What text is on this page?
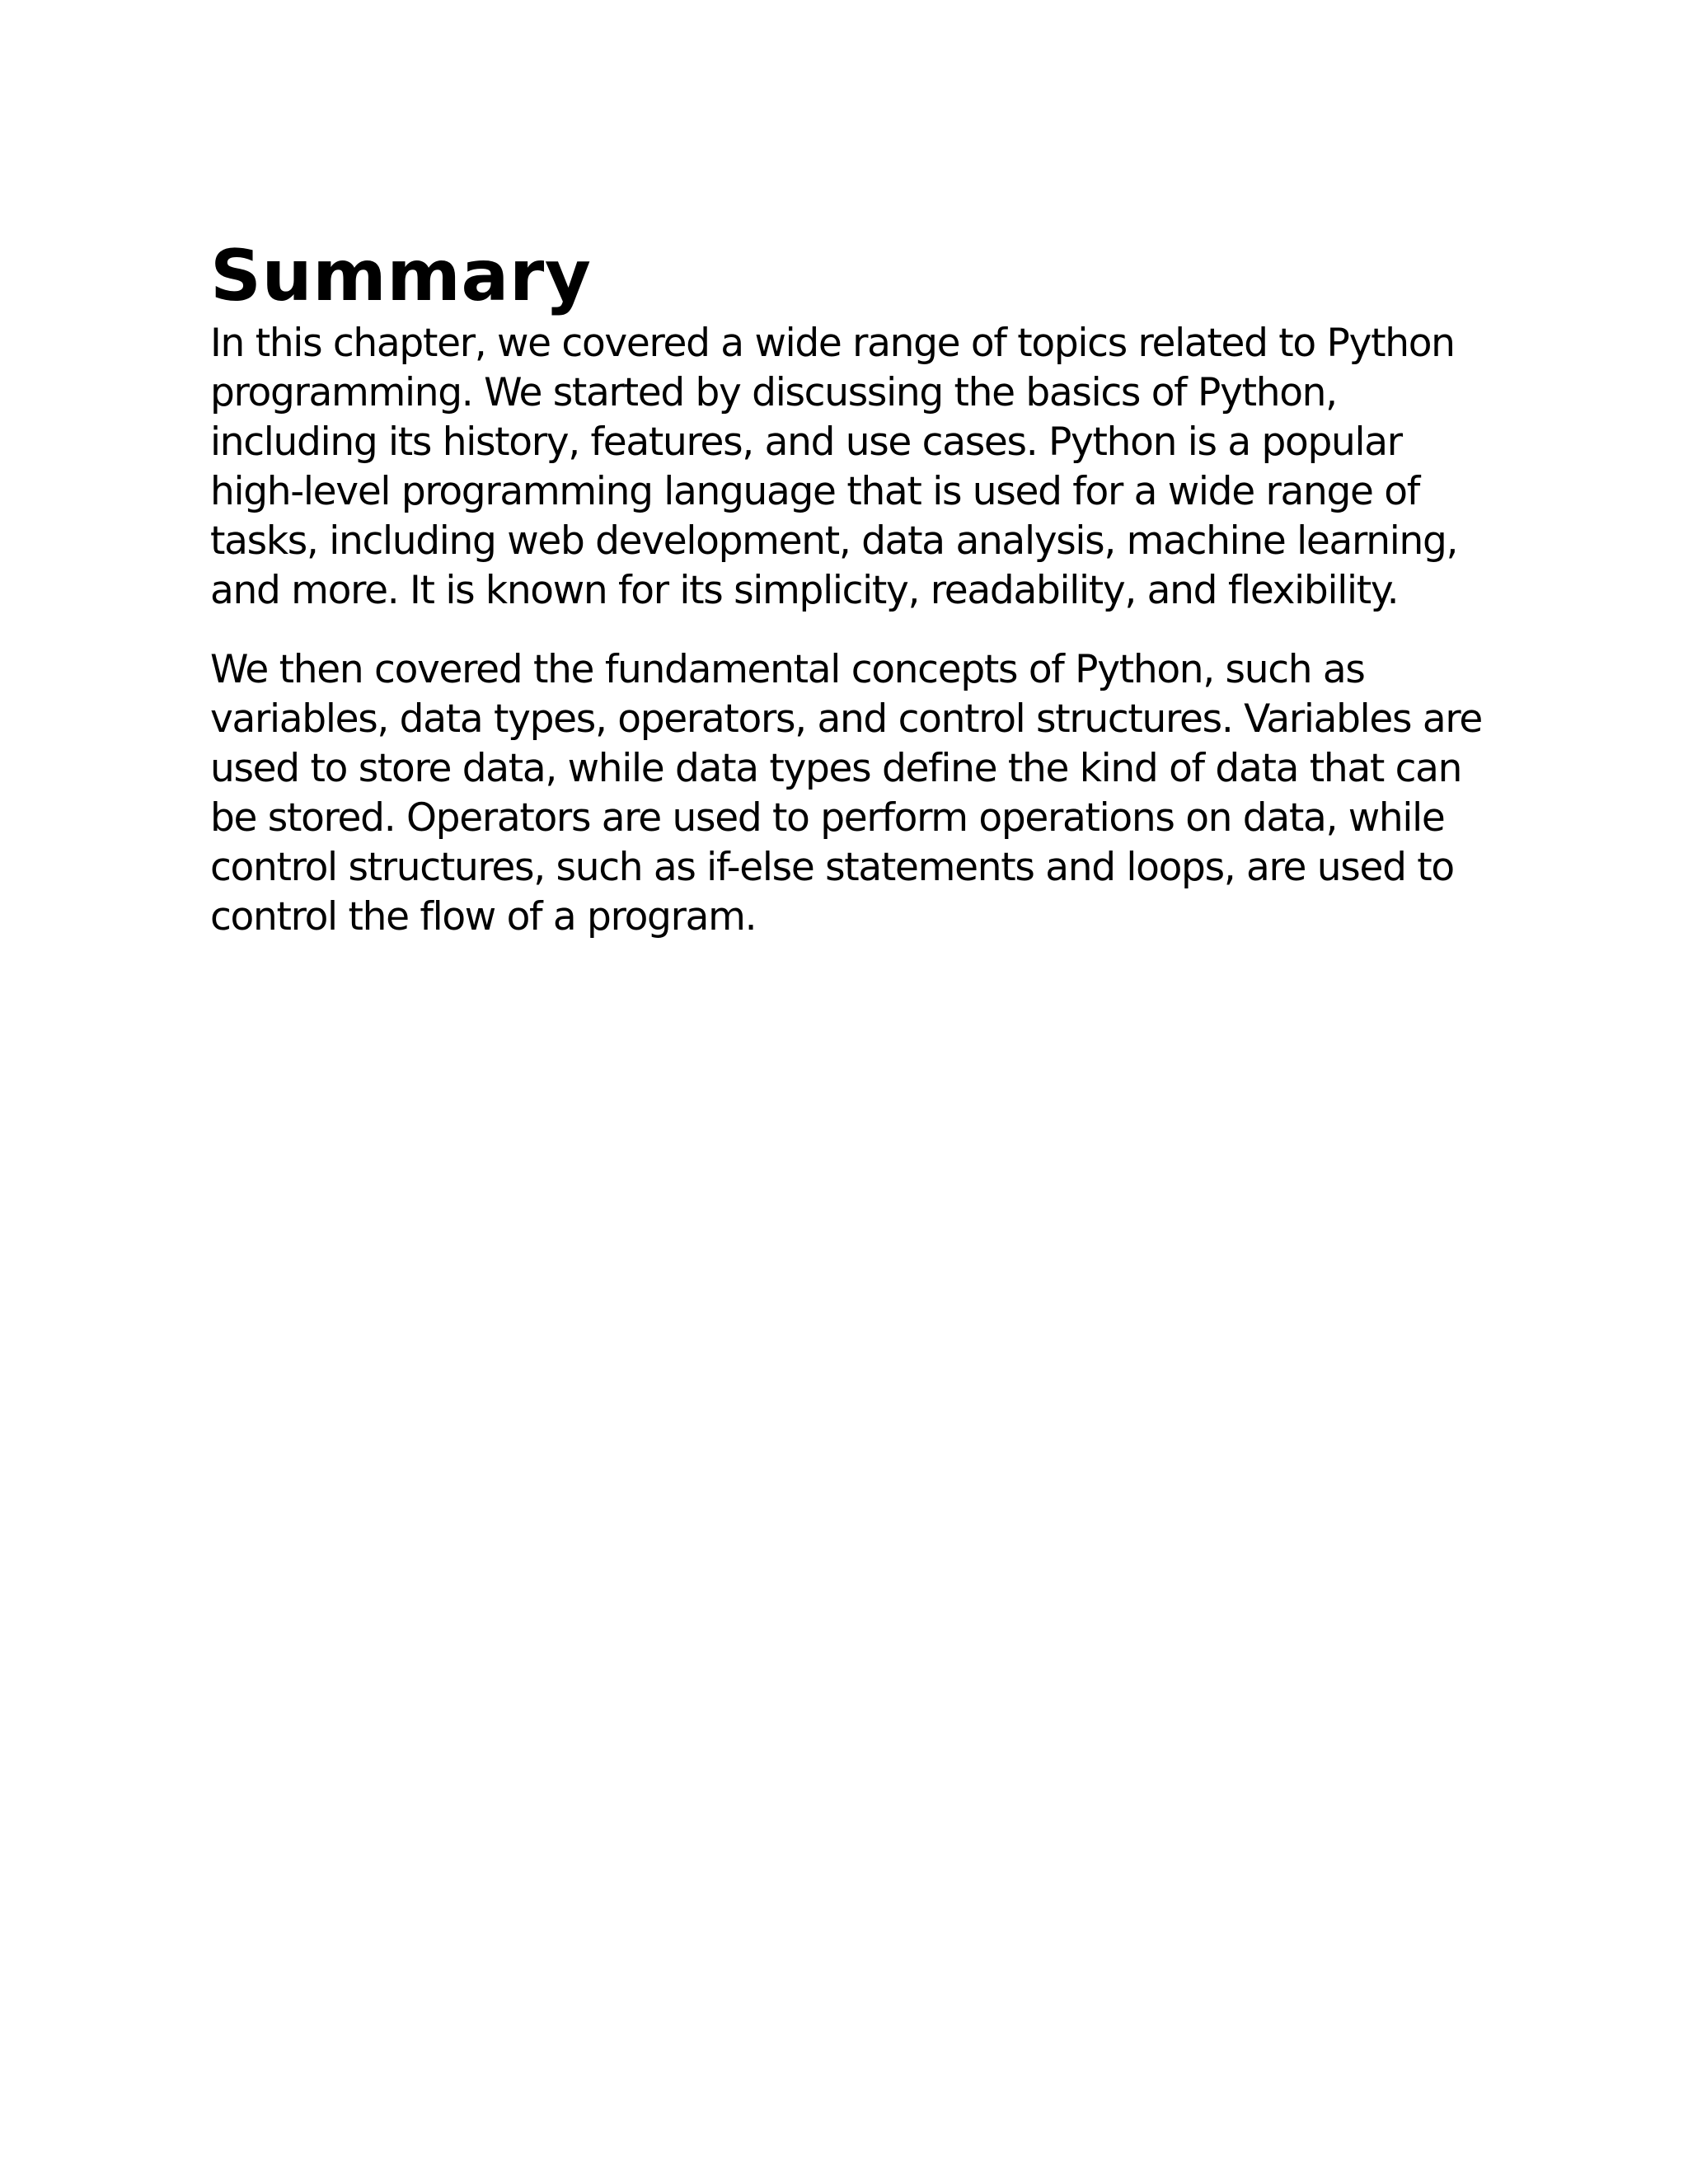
Summary

In this chapter, we covered a wide range of topics related to Python
programming. We started by discussing the basics of Python,
including its history, features, and use cases. Python is a popular
high-level programming language that is used for a wide range of
tasks, including web development, data analysis, machine learning,
and more. It is known for its simplicity, readability, and flexibility.

We then covered the fundamental concepts of Python, such as
variables, data types, operators, and control structures. Variables are
used to store data, while data types define the kind of data that can
be stored. Operators are used to perform operations on data, while
control structures, such as if-else statements and loops, are used to
control the flow of a program.
